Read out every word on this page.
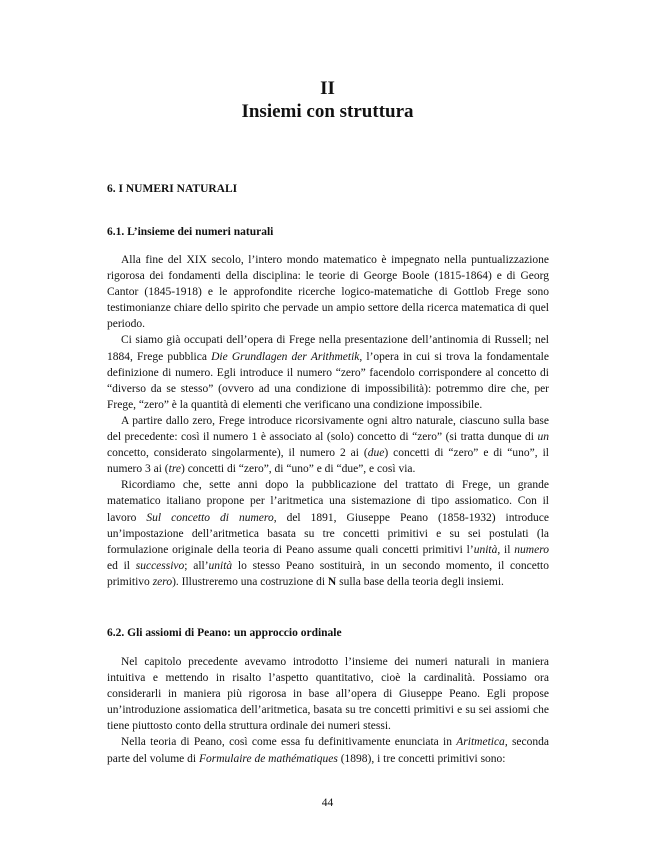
II
Insiemi con struttura
6. I NUMERI NATURALI
6.1. L’insieme dei numeri naturali

Alla fine del XIX secolo, l’intero mondo matematico è impegnato nella puntualizzazione rigorosa dei fondamenti della disciplina: le teorie di George Boole (1815-1864) e di Georg Cantor (1845-1918) e le approfondite ricerche logico-matematiche di Gottlob Frege sono testimonianze chiare dello spirito che pervade un ampio settore della ricerca matematica di quel periodo.

Ci siamo già occupati dell’opera di Frege nella presentazione dell’antinomia di Russell; nel 1884, Frege pubblica Die Grundlagen der Arithmetik, l’opera in cui si trova la fondamentale definizione di numero. Egli introduce il numero “zero” facendolo corrispondere al concetto di “diverso da se stesso” (ovvero ad una condizione di impossibilità): potremmo dire che, per Frege, “zero” è la quantità di elementi che verificano una condizione impossibile.

A partire dallo zero, Frege introduce ricorsivamente ogni altro naturale, ciascuno sulla base del precedente: così il numero 1 è associato al (solo) concetto di “zero” (si tratta dunque di un concetto, considerato singolarmente), il numero 2 ai (due) concetti di “zero” e di “uno”, il numero 3 ai (tre) concetti di “zero”, di “uno” e di “due”, e così via.

Ricordiamo che, sette anni dopo la pubblicazione del trattato di Frege, un grande matematico italiano propone per l’aritmetica una sistemazione di tipo assiomatico. Con il lavoro Sul concetto di numero, del 1891, Giuseppe Peano (1858-1932) introduce un’impostazione dell’aritmetica basata su tre concetti primitivi e su sei postulati (la formulazione originale della teoria di Peano assume quali concetti primitivi l’unità, il numero ed il successivo; all’unità lo stesso Peano sostituirà, in un secondo momento, il concetto primitivo zero). Illustreremo una costruzione di N sulla base della teoria degli insiemi.

6.2. Gli assiomi di Peano: un approccio ordinale

Nel capitolo precedente avevamo introdotto l’insieme dei numeri naturali in maniera intuitiva e mettendo in risalto l’aspetto quantitativo, cioè la cardinalità. Possiamo ora considerarli in maniera più rigorosa in base all’opera di Giuseppe Peano. Egli propose un’introduzione assiomatica dell’aritmetica, basata su tre concetti primitivi e su sei assiomi che tiene piuttosto conto della struttura ordinale dei numeri stessi.

Nella teoria di Peano, così come essa fu definitivamente enunciata in Aritmetica, seconda parte del volume di Formulaire de mathématiques (1898), i tre concetti primitivi sono:

44
